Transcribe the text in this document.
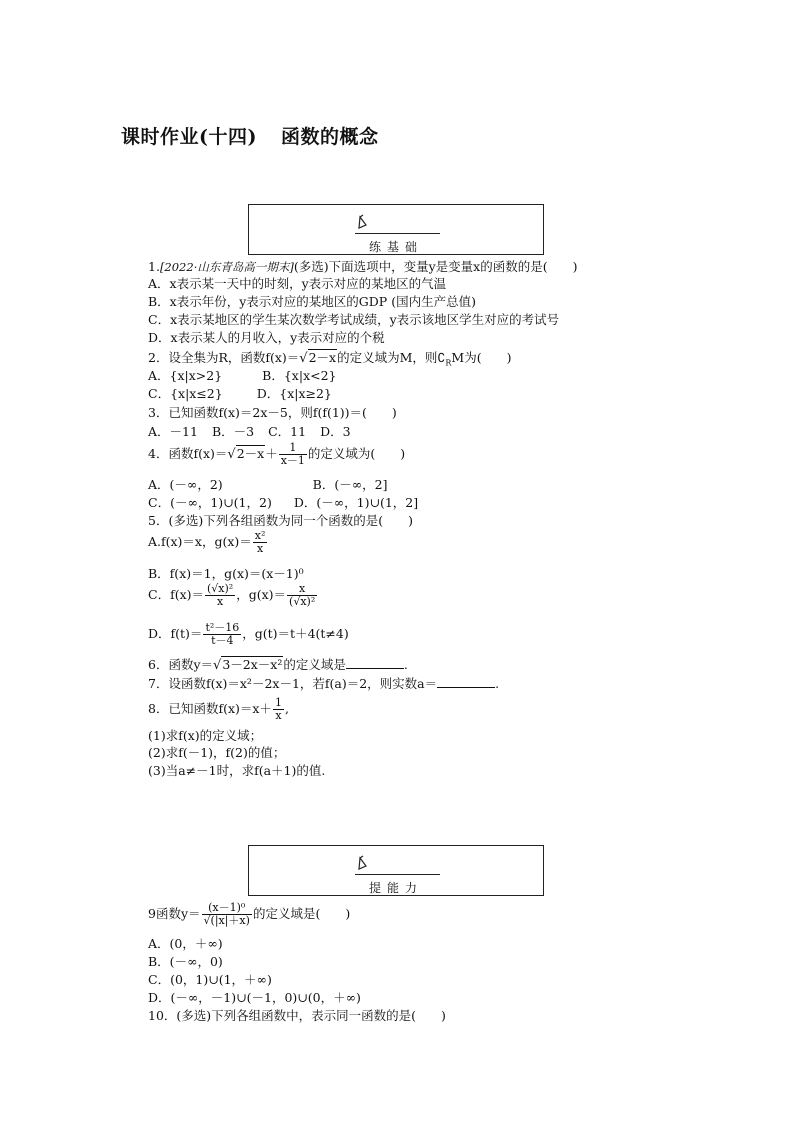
课时作业(十四) 函数的概念
练基础
1.[2022·山东青岛高一期末](多选)下面选项中，变量y是变量x的函数的是(　　)
A．x表示某一天中的时刻，y表示对应的某地区的气温
B．x表示年份，y表示对应的某地区的GDP (国内生产总值)
C．x表示某地区的学生某次数学考试成绩，y表示该地区学生对应的考试号
D．x表示某人的月收入，y表示对应的个税
2．设全集为R，函数f(x)＝√2－x的定义域为M，则$∁_RM$为(　　)
A．{x|x>2}	B．{x|x<2}
C．{x|x≤2}	D．{x|x≥2}
3．已知函数f(x)＝2x－5，则f(f(1))＝(　　)
A．－11 B．－3 C．11 D．3
4．函数$f(x)=√2-x+ \frac{1}{x-1}$ 的定义域为(　　)
A．(－∞，2)	B．(－∞，2]
C．(－∞，1)∪(1，2) D．(－∞，1)∪(1，2]
5．(多选)下列各组函数为同一个函数的是(　　)
A.f(x)＝x，$g(x)= \frac{\text{x²}}{x}$
B．f(x)＝1，g(x)＝(x－1)⁰
C．$f(x)= \frac{\text{(√x)²}}{x}$ ，$g(x)= \frac{x}{\text{(√x)²}}$
D．$f(t)= \frac{\text{t²－16}}{t-4}$ ，g(t)＝t＋4(t≠4)
6．函数y＝√3－2x－x²的定义域是	.
7．设函数f(x)＝x²－2x－1，若f(a)＝2，则实数a＝	.
8．已知函数$f(x)=x+ \frac{1}{x}$ ,
(1)求f(x)的定义域；
(2)求f(－1)，f(2)的值；
(3)当a≠－1时，求f(a＋1)的值.
提能力
9函数$y= \frac{\text{(x－1)⁰}}{√(|x|+x)}$ 的定义域是(　　)
A．(0，＋∞)
B．(－∞，0)
C．(0，1)∪(1，＋∞)
D．(－∞，－1)∪(－1，0)∪(0，＋∞)
10．(多选)下列各组函数中，表示同一函数的是(　　)
